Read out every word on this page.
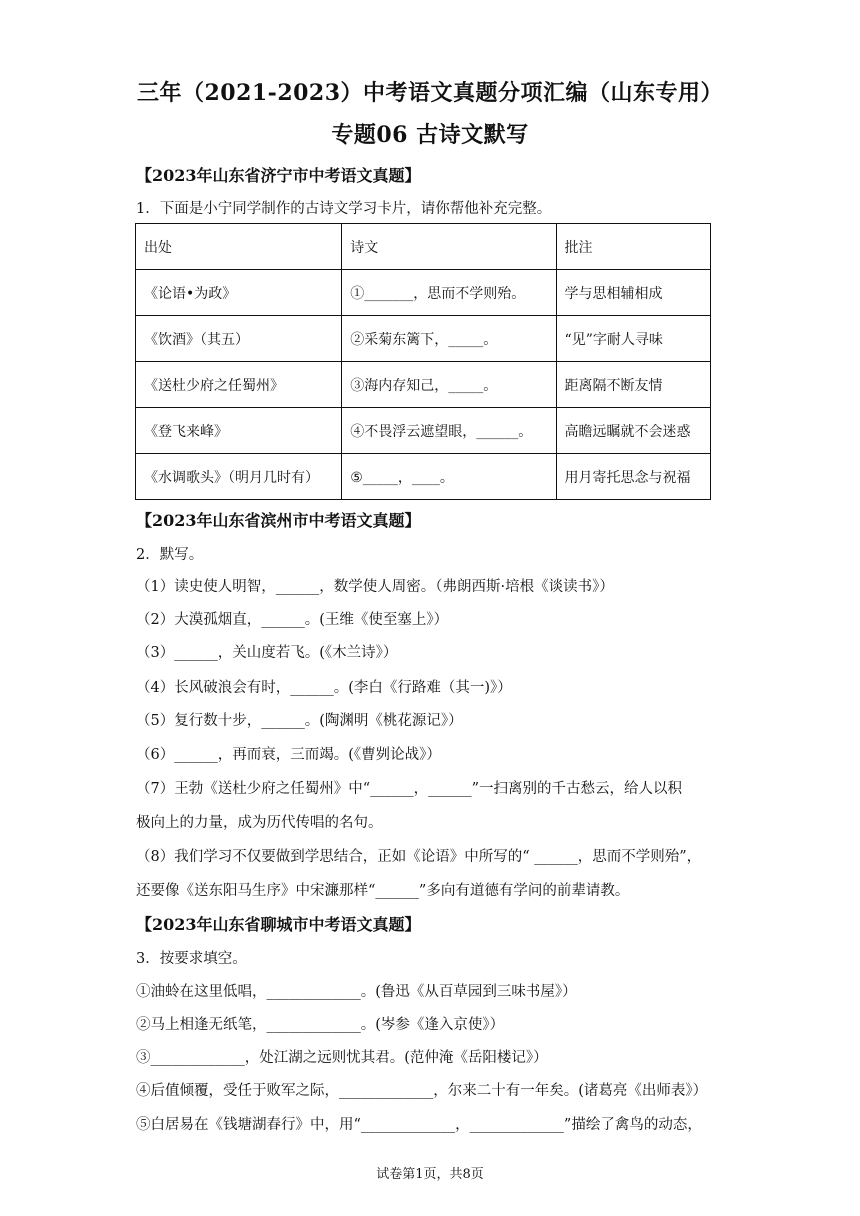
三年（2021-2023）中考语文真题分项汇编（山东专用）
专题06 古诗文默写
【2023年山东省济宁市中考语文真题】
1．下面是小宁同学制作的古诗文学习卡片，请你帮他补充完整。
出处	诗文	批注
《论语•为政》	①_______，思而不学则殆。	学与思相辅相成
《饮酒》（其五）	②采菊东篱下，_____。	“见”字耐人寻味
《送杜少府之任蜀州》	③海内存知己，_____。	距离隔不断友情
《登飞来峰》	④不畏浮云遮望眼，______。	高瞻远瞩就不会迷惑
《水调歌头》（明月几时有）	⑤_____，____。	用月寄托思念与祝福
【2023年山东省滨州市中考语文真题】
2．默写。
（1）读史使人明智，______，数学使人周密。（弗朗西斯·培根《谈读书》）
（2）大漠孤烟直，______。(王维《使至塞上》）
（3）______，关山度若飞。(《木兰诗》）
（4）长风破浪会有时，______。(李白《行路难（其一)》）
（5）复行数十步，______。(陶渊明《桃花源记》）
（6）______，再而衰，三而竭。(《曹刿论战》）
（7）王勃《送杜少府之任蜀州》中“______，______”一扫离别的千古愁云，给人以积
极向上的力量，成为历代传唱的名句。
（8）我们学习不仅要做到学思结合，正如《论语》中所写的“ ______，思而不学则殆”，
还要像《送东阳马生序》中宋濂那样“______”多向有道德有学问的前辈请教。
【2023年山东省聊城市中考语文真题】
3．按要求填空。
①油蛉在这里低唱，_____________。(鲁迅《从百草园到三味书屋》）
②马上相逢无纸笔，_____________。(岑参《逢入京使》）
③_____________，处江湖之远则忧其君。(范仲淹《岳阳楼记》）
④后值倾覆，受任于败军之际，_____________，尔来二十有一年矣。(诸葛亮《出师表》）
⑤白居易在《钱塘湖春行》中，用“_____________，_____________”描绘了禽鸟的动态，
试卷第1页，共8页
